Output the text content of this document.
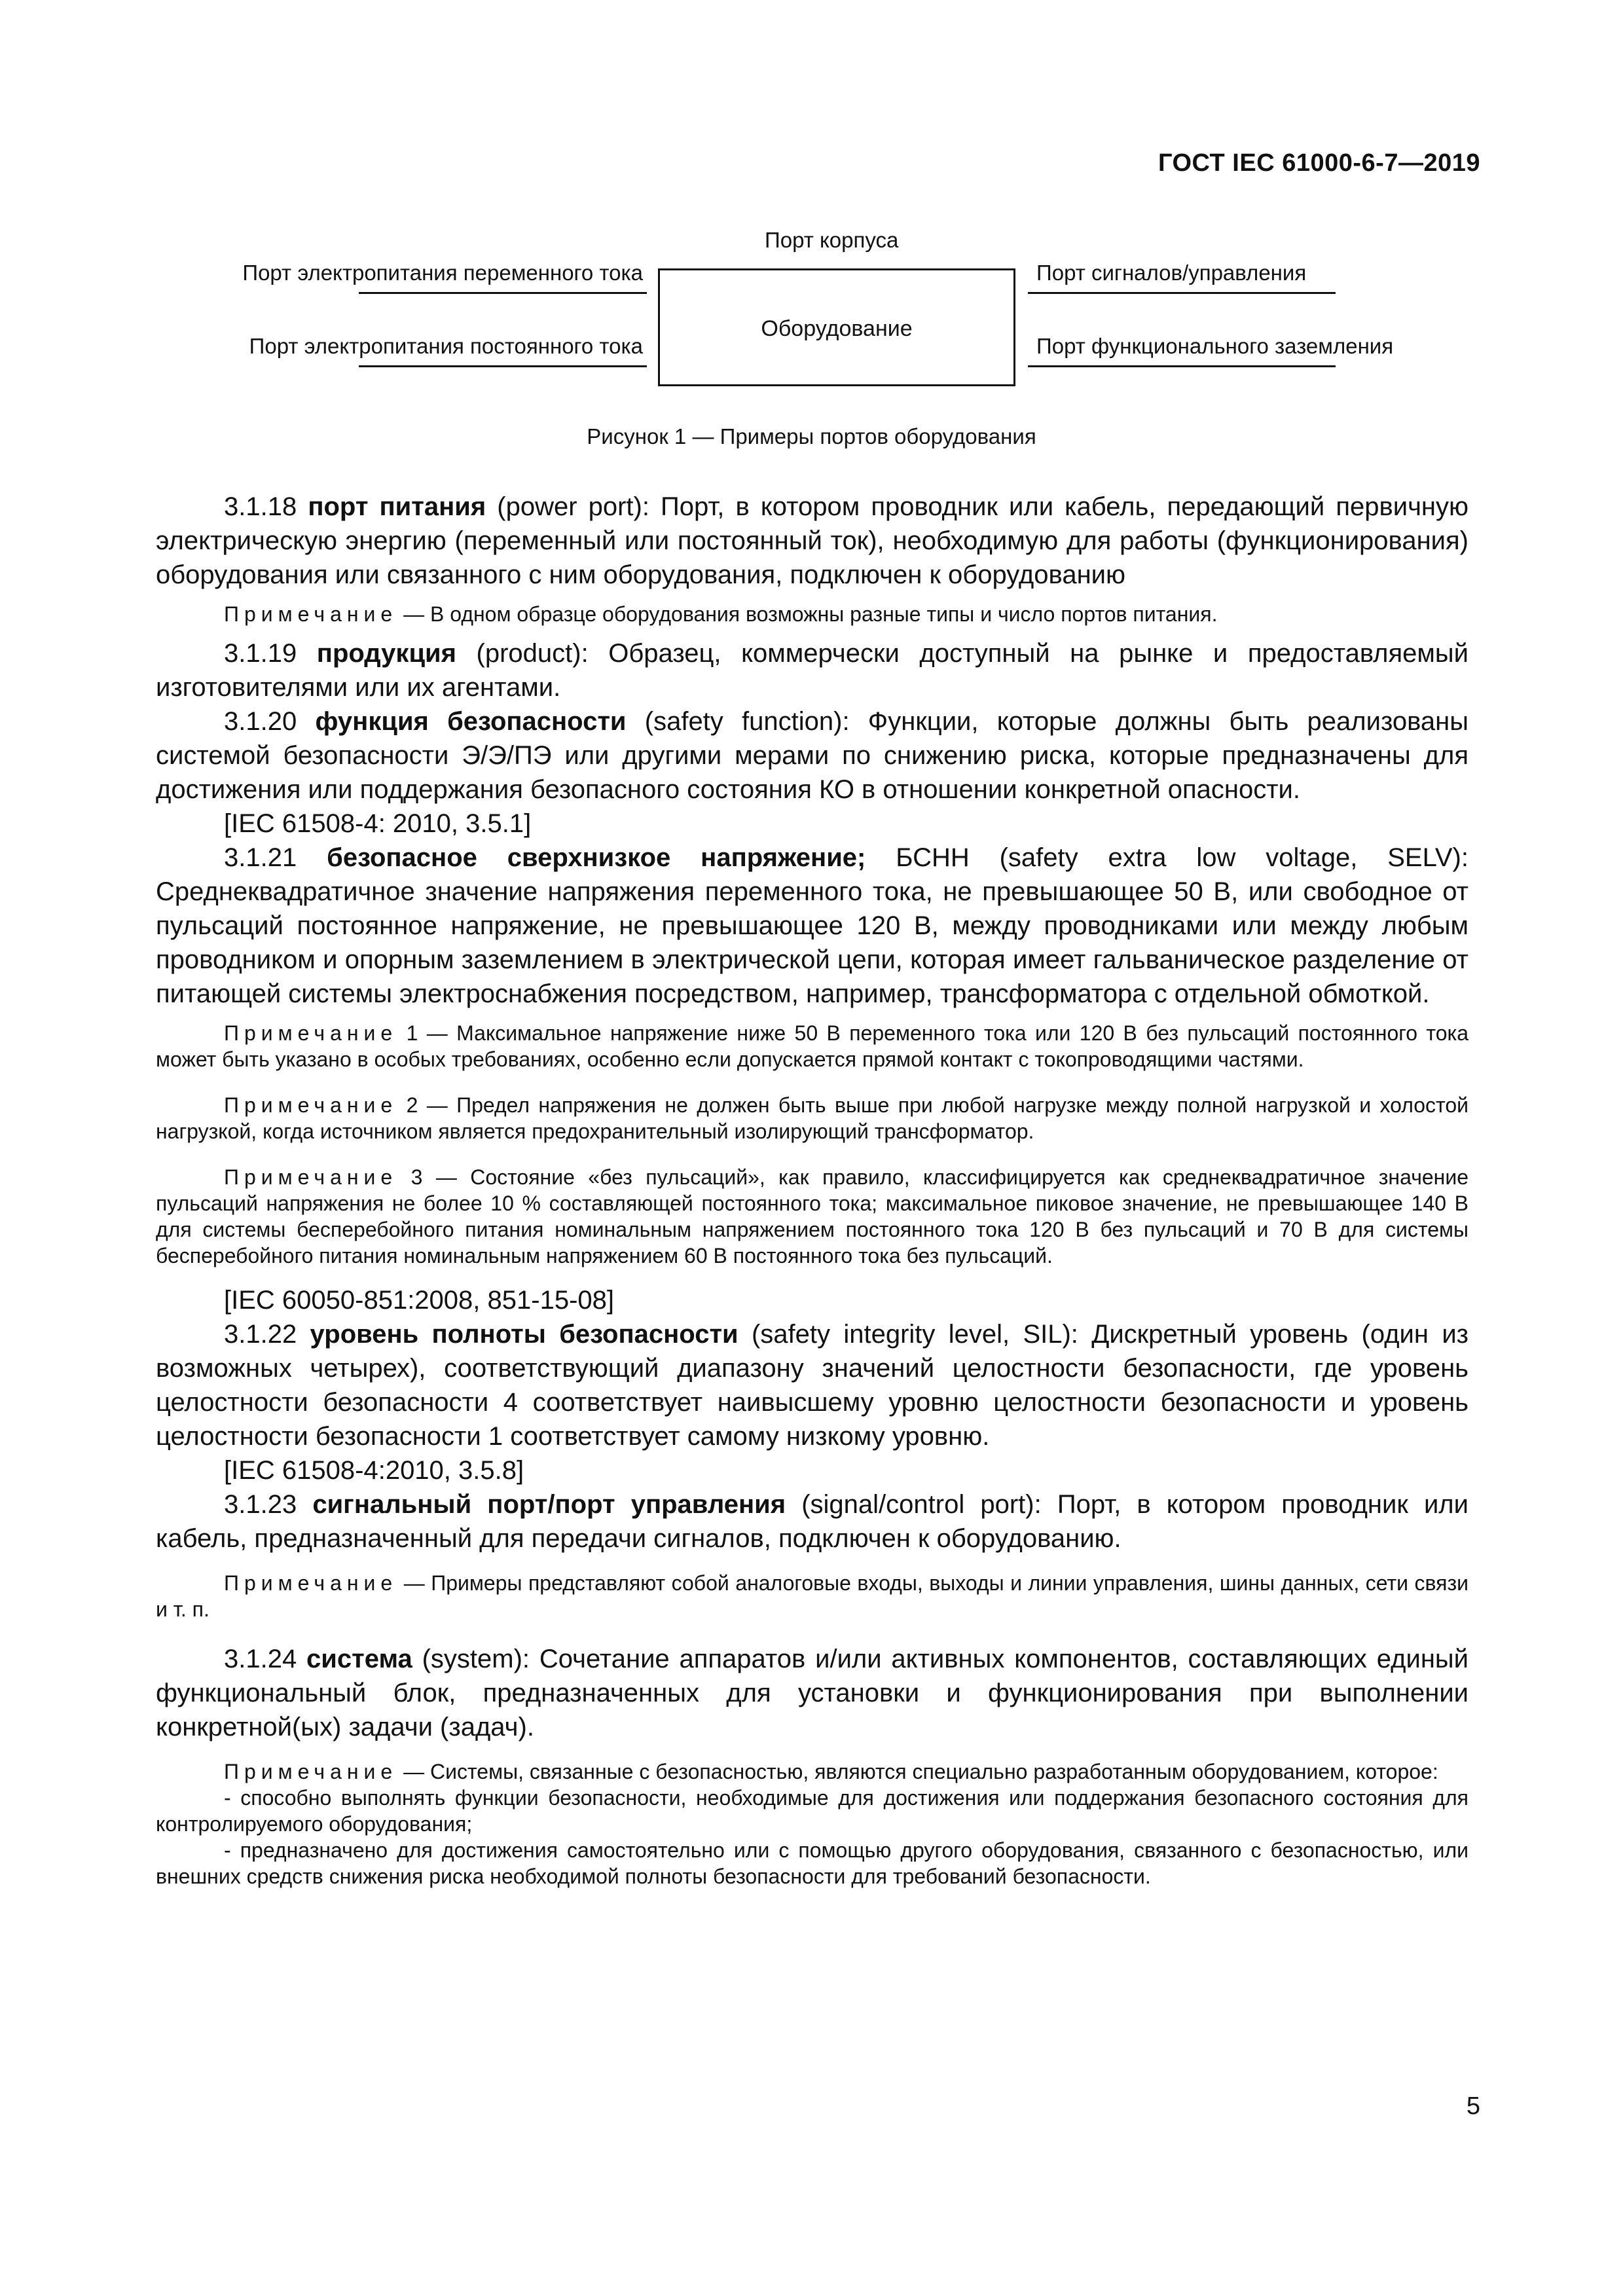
ГОСТ IEC 61000-6-7—2019
Порт корпуса
Порт электропитания переменного тока
Порт электропитания постоянного тока
Оборудование
Порт сигналов/управления
Порт функционального заземления
Рисунок 1 — Примеры портов оборудования

3.1.18 порт питания (power port): Порт, в котором проводник или кабель, передающий первичную электрическую энергию (переменный или постоянный ток), необходимую для работы (функционирования) оборудования или связанного с ним оборудования, подключен к оборудованию

Примечание — В одном образце оборудования возможны разные типы и число портов питания.

3.1.19 продукция (product): Образец, коммерчески доступный на рынке и предоставляемый изготовителями или их агентами.

3.1.20 функция безопасности (safety function): Функции, которые должны быть реализованы системой безопасности Э/Э/ПЭ или другими мерами по снижению риска, которые предназначены для достижения или поддержания безопасного состояния КО в отношении конкретной опасности.

[IEC 61508-4: 2010, 3.5.1]

3.1.21 безопасное сверхнизкое напряжение; БСНН (safety extra low voltage, SELV): Среднеквадратичное значение напряжения переменного тока, не превышающее 50 В, или свободное от пульсаций постоянное напряжение, не превышающее 120 В, между проводниками или между любым проводником и опорным заземлением в электрической цепи, которая имеет гальваническое разделение от питающей системы электроснабжения посредством, например, трансформатора с отдельной обмоткой.

Примечание 1 — Максимальное напряжение ниже 50 В переменного тока или 120 В без пульсаций постоянного тока может быть указано в особых требованиях, особенно если допускается прямой контакт с токопроводящими частями.

Примечание 2 — Предел напряжения не должен быть выше при любой нагрузке между полной нагрузкой и холостой нагрузкой, когда источником является предохранительный изолирующий трансформатор.

Примечание 3 — Состояние «без пульсаций», как правило, классифицируется как среднеквадратичное значение пульсаций напряжения не более 10 % составляющей постоянного тока; максимальное пиковое значение, не превышающее 140 В для системы бесперебойного питания номинальным напряжением постоянного тока 120 В без пульсаций и 70 В для системы бесперебойного питания номинальным напряжением 60 В постоянного тока без пульсаций.

[IEC 60050-851:2008, 851-15-08]

3.1.22 уровень полноты безопасности (safety integrity level, SIL): Дискретный уровень (один из возможных четырех), соответствующий диапазону значений целостности безопасности, где уровень целостности безопасности 4 соответствует наивысшему уровню целостности безопасности и уровень целостности безопасности 1 соответствует самому низкому уровню.

[IEC 61508-4:2010, 3.5.8]

3.1.23 сигнальный порт/порт управления (signal/control port): Порт, в котором проводник или кабель, предназначенный для передачи сигналов, подключен к оборудованию.

Примечание — Примеры представляют собой аналоговые входы, выходы и линии управления, шины данных, сети связи и т. п.

3.1.24 система (system): Сочетание аппаратов и/или активных компонентов, составляющих единый функциональный блок, предназначенных для установки и функционирования при выполнении конкретной(ых) задачи (задач).

Примечание — Системы, связанные с безопасностью, являются специально разработанным оборудованием, которое:

- способно выполнять функции безопасности, необходимые для достижения или поддержания безопасного состояния для контролируемого оборудования;

- предназначено для достижения самостоятельно или с помощью другого оборудования, связанного с безопасностью, или внешних средств снижения риска необходимой полноты безопасности для требований безопасности.

5
